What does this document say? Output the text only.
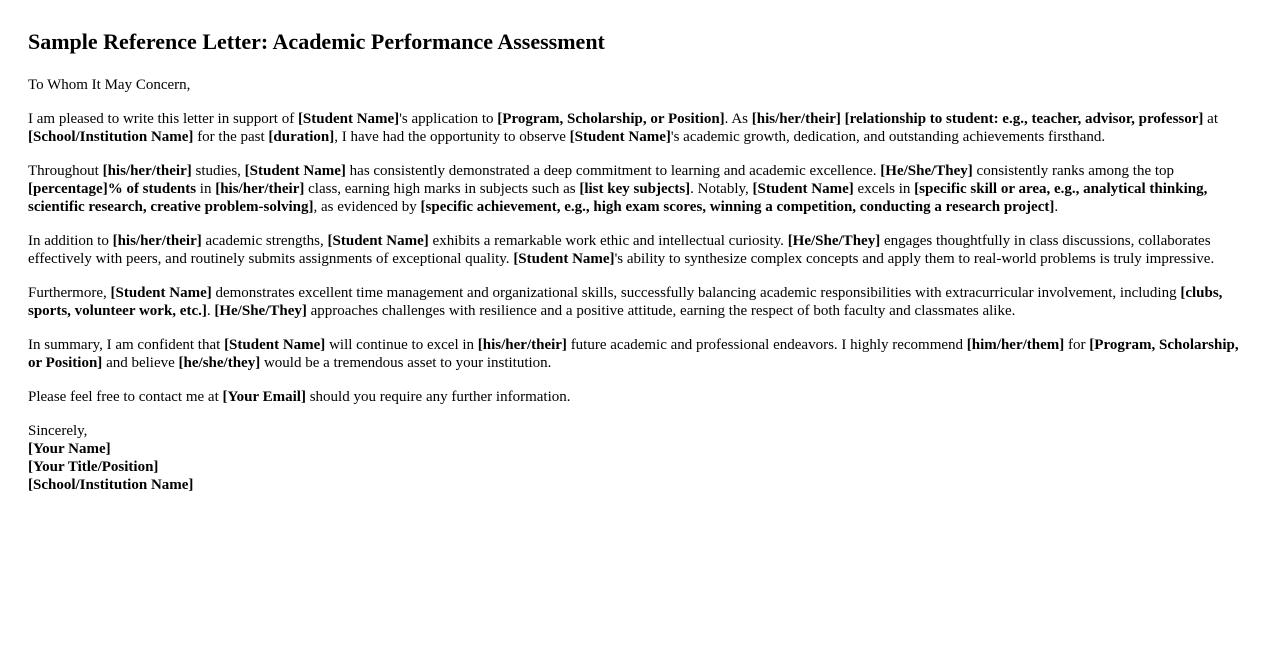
Sample Reference Letter: Academic Performance Assessment

To Whom It May Concern,

I am pleased to write this letter in support of [Student Name]'s application to [Program, Scholarship, or Position]. As [his/her/their] [relationship to student: e.g., teacher, advisor, professor] at [School/Institution Name] for the past [duration], I have had the opportunity to observe [Student Name]'s academic growth, dedication, and outstanding achievements firsthand.

Throughout [his/her/their] studies, [Student Name] has consistently demonstrated a deep commitment to learning and academic excellence. [He/She/They] consistently ranks among the top [percentage]% of students in [his/her/their] class, earning high marks in subjects such as [list key subjects]. Notably, [Student Name] excels in [specific skill or area, e.g., analytical thinking, scientific research, creative problem-solving], as evidenced by [specific achievement, e.g., high exam scores, winning a competition, conducting a research project].

In addition to [his/her/their] academic strengths, [Student Name] exhibits a remarkable work ethic and intellectual curiosity. [He/She/They] engages thoughtfully in class discussions, collaborates effectively with peers, and routinely submits assignments of exceptional quality. [Student Name]'s ability to synthesize complex concepts and apply them to real-world problems is truly impressive.

Furthermore, [Student Name] demonstrates excellent time management and organizational skills, successfully balancing academic responsibilities with extracurricular involvement, including [clubs, sports, volunteer work, etc.]. [He/She/They] approaches challenges with resilience and a positive attitude, earning the respect of both faculty and classmates alike.

In summary, I am confident that [Student Name] will continue to excel in [his/her/their] future academic and professional endeavors. I highly recommend [him/her/them] for [Program, Scholarship, or Position] and believe [he/she/they] would be a tremendous asset to your institution.

Please feel free to contact me at [Your Email] should you require any further information.

Sincerely,
[Your Name]
[Your Title/Position]
[School/Institution Name]
